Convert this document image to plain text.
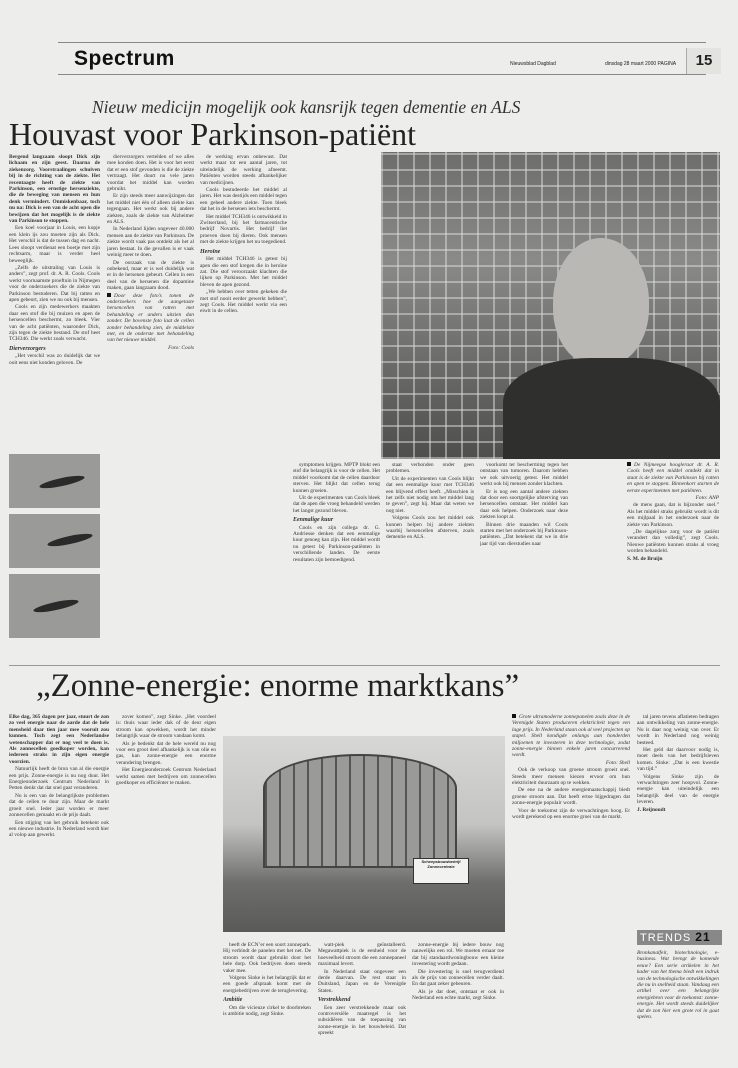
Spectrum	Nieuwsblad Dagblad	dinsdag 28 maart 2000 PAGINA	15
Nieuw medicijn mogelijk ook kansrijk tegen dementie en ALS
Houvast voor Parkinson-patiënt

Bergend langzaam sloopt Dick zijn lichaam en zijn geest. Daarna de ziekenzorg. Voorstraalingen schuiven bij in de richting van de ziekte. Het recentaagte heeft de ziekte van Parkinson, een ernstige hersenziekte, die de beweging van mensen en hun denk vermindert. Onmiskenbaar, toch nu na: Dick is een van de acht open die bewijzen dat het mogelijk is de ziekte van Parkinson te stoppen.

Een koel voorjaar in Louis, een kopje een klein ijs zou moeten zijn als Dick. Het verschil is dat de tussen dag en nacht. Lees sloopt verdienat een boetje met zijn rechtsarm, maar is verder heel beweeglijk.

„Zelfs de uitstraling van Louis is anders”, zegt prof. dr. A. R. Cools. Cools werkt voornaamste proeftuin in Nijmegen voor de onderzoekers die de ziekte van Parkinson bestuderen. Dat bij ratten en apen gebeurt, zien we nu ook bij mensen.

Cools en zijn medewerkers maakten daar een stof die bij muizen en apen de hersencellen beschermt, zo bleek. Vier van de acht patiënten, waaronder Dick, zijn tegen de ziekte bestand. De stof heet TCH346. Die werkt zoals verwacht.

Dierverzorgers

„Het verschil was zo duidelijk dat we ooit eens niet konden geloven. De

dierverzorgers vertelden of we alles mee konden doen. Het is voor het eerst dat er een stof gevonden is die de ziekte vertraagt. Het duurt nu vele jaren voordat het middel kan worden gebruikt.

Er zijn steeds meer aanwijzingen dat het middel niet één of alleen ziekte kan tegengaan. Het werkt ook bij andere ziekten, zoals de ziekte van Alzheimer en ALS.

In Nederland lijden ongeveer 40.000 mensen aan de ziekte van Parkinson. De ziekte wordt vaak pas ontdekt als het al jaren bestaat. In die gevallen is er vaak weinig meer te doen.

De oorzaak van de ziekte is onbekend, maar er is wel duidelijk wat er in de hersenen gebeurt. Cellen in een deel van de hersenen die dopamine maken, gaan langzaam dood.

Door deze foto’s tonen de onderzoekers hoe de aangetaste hersencellen van ratten met behandeling er anders uitzien dan zonder. De bovenste foto laat de cellen zonder behandeling zien, de middelste met, en de onderste met behandeling van het nieuwe middel.

Foto: Cools

de werking ervan onbewust. Dat werkt maar tot een aantal jaren, tot uiteindelijk de werking afneemt. Patiënten worden steeds afhankelijker van medicijnen.

Cools bestudeerde het middel al jaren. Het was destijds een middel tegen een geheel andere ziekte. Toen bleek dat het in de hersenen iets beschermt.

Het middel TCH346 is ontwikkeld in Zwitserland, bij het farmaceutische bedrijf Novartis. Het bedrijf liet proeven doen bij dieren. Ook mensen met de ziekte krijgen het nu toegediend.

Heroïne

Het middel TCH346 is getest bij apen die een stof kregen die in heroïne zat. Die stof veroorzaakt klachten die lijken op Parkinson. Met het middel bleven de apen gezond.

„We hebben over tetten gekeken die met stof nooit eerder gewerkt hebben”, zegt Cools. Het middel werkt via een eiwit in de cellen.

symptomen krijgen. MPTP blokt een stof die belangrijk is voor de cellen. Het middel voorkomt dat de cellen daardoor sterven. Het blijkt dat cellen terug kunnen groeien.

Uit de experimenten van Cools bleek dat de apen die vroeg behandeld werden het langst gezond bleven.

Eenmalige kuur

Cools en zijn collega dr. G. Andriesse denken dat een eenmalige kuur genoeg kan zijn. Het middel wordt nu getest bij Parkinson-patiënten in verschillende landen. De eerste resultaten zijn bemoedigend.

staat verbonden onder geen problemen.

Uit de experimenten van Cools blijkt dat een eenmalige kuur met TCH346 een blijvend effect heeft. „Misschien is het zelfs niet nodig om het middel lang te geven”, zegt hij. Maar dat weten we nog niet.

Volgens Cools zou het middel ook kunnen helpen bij andere ziekten waarbij hersencellen afsterven, zoals dementie en ALS.

voorkomt ter bescherming tegen het ontstaan van tumoren. Daarom hebben we ook uitvoerig getest. Het middel werkt ook bij mensen zonder klachten.

Er is nog een aantal andere ziekten dat door een soortgelijke afsterving van hersencellen ontstaat. Het middel kan daar ook helpen. Onderzoek naar deze ziekten loopt al.

Binnen drie maanden wil Cools starten met het onderzoek bij Parkinson-patiënten. „Dat betekent dat we in drie jaar tijd van dierstudies naar

De Nijmeegse hoogleraar dr. A. R. Cools heeft een middel ontdekt dat in staat is de ziekte van Parkinson bij ratten en apen te stoppen. Binnenkort starten de eerste experimenten met patiënten.

Foto: ANP

de mens gaan, dat is bijzonder snel.” Als het middel straks gebruikt wordt is dit een mijlpaal in het onderzoek naar de ziekte van Parkinson.

„De dagelijkse zorg voor de patiënt verandert dan volledig”, zegt Cools. Nieuwe patiënten kunnen straks al vroeg worden behandeld.

S. M. de Bruijn

„Zonne-energie: enorme marktkans”

Elke dag, 365 dagen per jaar, stuurt de zon zo veel energie naar de aarde dat de hele mensheid daar tien jaar mee vooruit zou kunnen. Toch zegt een Nederlandse wetenschapper dat er nog veel te doen is. Als zonnecellen goedkoper worden, kan iedereen straks in zijn eigen energie voorzien.

Natuurlijk heeft de bron van al die energie een prijs. Zonne-energie is nu nog duur. Het Energieonderzoek Centrum Nederland in Petten denkt dat dat snel gaat veranderen.

Nu is een van de belangrijkste problemen dat de cellen te duur zijn. Maar de markt groeit snel. Ieder jaar worden er meer zonnecellen gemaakt en de prijs daalt.

Een stijging van het gebruik betekent ook een nieuwe industrie. In Nederland wordt hier al volop aan gewerkt.

zover komen”, zegt Sinke. „Het voordeel is: thuis waar ieder dak of de deur eigen stroom kan opwekken, wordt het minder belangrijk waar de stroom vandaan komt.

Als je bedenkt dat de hele wereld nu nog voor een groot deel afhankelijk is van olie en gas, kan zonne-energie een enorme verandering brengen.

Het Energieonderzoek Centrum Nederland werkt samen met bedrijven om zonnecellen goedkoper en efficiënter te maken.

Scheepsbouwbedrijf Zonnecentrale

heeft de ECN’er een soort zonnepark. Hij verbindt de panelen met het net. De stroom wordt daar gebruikt door het hele dorp. Ook bedrijven doen steeds vaker mee.

Volgens Sinke is het belangrijk dat er een goede afspraak komt met de energiebedrijven over de teruglevering.

Ambitie

Om die vicieuze cirkel te doorbreken is ambitie nodig, zegt Sinke.

watt-piek geïnstalleerd. Megawattpiek is de eenheid voor de hoeveelheid stroom die een zonnepaneel maximaal levert.

In Nederland staat ongeveer een derde daarvan. De rest staat in Duitsland, Japan en de Verenigde Staten.

Verstrekkend

Een zeer verstrekkende maar ook controversiële maatregel is het subsidiëren van de toepassing van zonne-energie in het bouwbeleid. Dat spreekt

zonne-energie bij iedere bouw nog nauwelijks een rol. We moeten ernaar toe dat bij standaardwoningbouw een kleine investering wordt gedaan.

Die investering is snel terugverdiend als de prijs van zonnecellen verder daalt. En dat gaat zeker gebeuren.

Als je dat doet, ontstaat er ook in Nederland een echte markt, zegt Sinke.

Grote ultramoderne zonnepanelen zoals deze in de Verenigde Staten produceren elektriciteit tegen een lage prijs. In Nederland staan ook al veel projecten op stapel. Shell kondigde onlangs aan honderden miljoenen te investeren in deze technologie, zodat zonne-energie binnen enkele jaren concurrerend wordt.

Foto: Shell

Ook de verkoop van groene stroom groeit snel. Steeds meer mensen kiezen ervoor om hun elektriciteit duurzaam op te wekken.

De ene na de andere energiemaatschappij biedt groene stroom aan. Dat heeft ertoe bijgedragen dat zonne-energie populair wordt.

Voor de toekomst zijn de verwachtingen hoog. Er wordt gerekend op een enorme groei van de markt.

tal jaren tevens aflatieten bedragen aan ontwikkeling van zonne-energie. Nu is daar nog weinig van over. Er wordt in Nederland nog weinig besteed.

Het geld dat daarvoor nodig is, moet deels van het bedrijfsleven komen. Sinke: „Dat is een kwestie van tijd.”

Volgens Sinke zijn de verwachtingen zeer hoopvol. Zonne-energie kan uiteindelijk een belangrijk deel van de energie leveren.

J. Reijnoudt

TRENDS 21

Bronkanalfeit, biotechnologie, e-business. Wat brengt de komende eeuw? Een serie artikelen in het kader van het thema biedt een indruk van de technologische ontwikkelingen die nu in snelheid staan. Vandaag een artikel over een belangrijke energiebron voor de toekomst: zonne-energie. Het wordt steeds duidelijker dat de zon hier een grote rol in gaat spelen.
